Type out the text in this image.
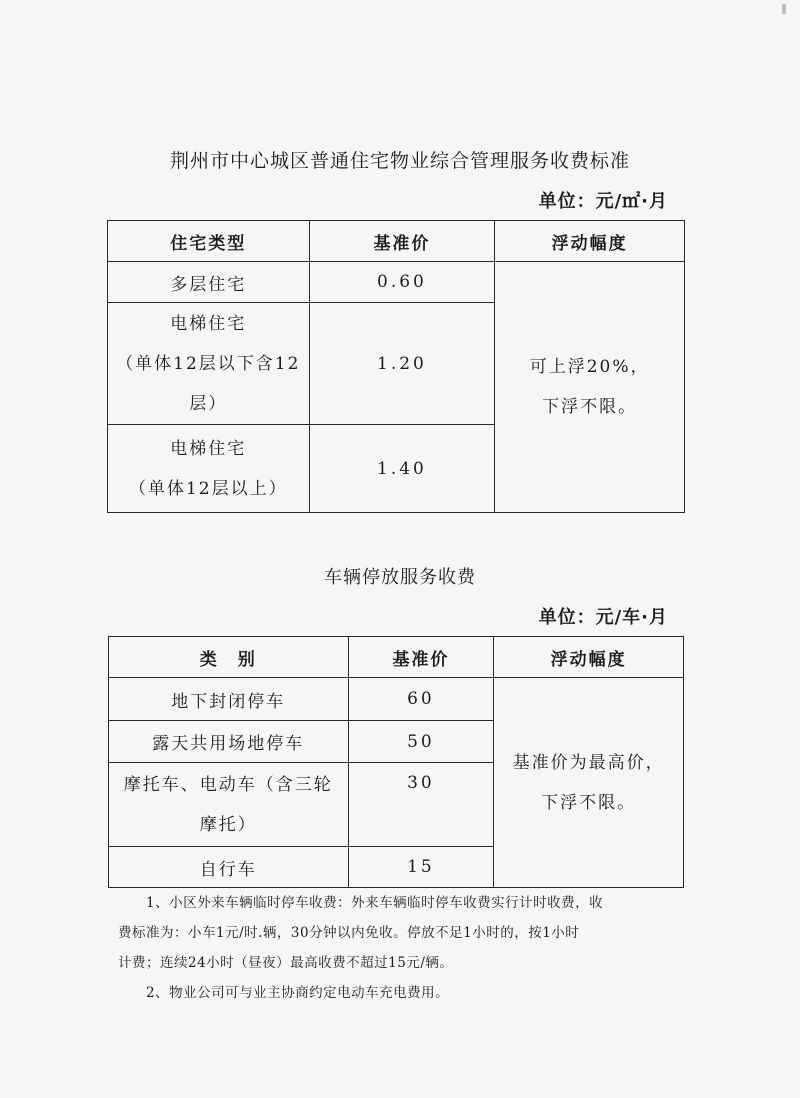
荆州市中心城区普通住宅物业综合管理服务收费标准
单位：元/㎡·月
住宅类型	基准价	浮动幅度
多层住宅	0.60	可上浮20%，
下浮不限。

电梯住宅
（单体12层以下含12
层）	1.20	

电梯住宅
（单体12层以上）	1.40	
车辆停放服务收费
单位：元/车·月
类　别	基准价	浮动幅度
地下封闭停车	60	基准价为最高价，
下浮不限。

露天共用场地停车	50	

摩托车、电动车（含三轮
摩托）	30	
自行车	15	

1、小区外来车辆临时停车收费：外来车辆临时停车收费实行计时收费，收

费标准为：小车1元/时.辆，30分钟以内免收。停放不足1小时的，按1小时

计费；连续24小时（昼夜）最高收费不超过15元/辆。

2、物业公司可与业主协商约定电动车充电费用。
